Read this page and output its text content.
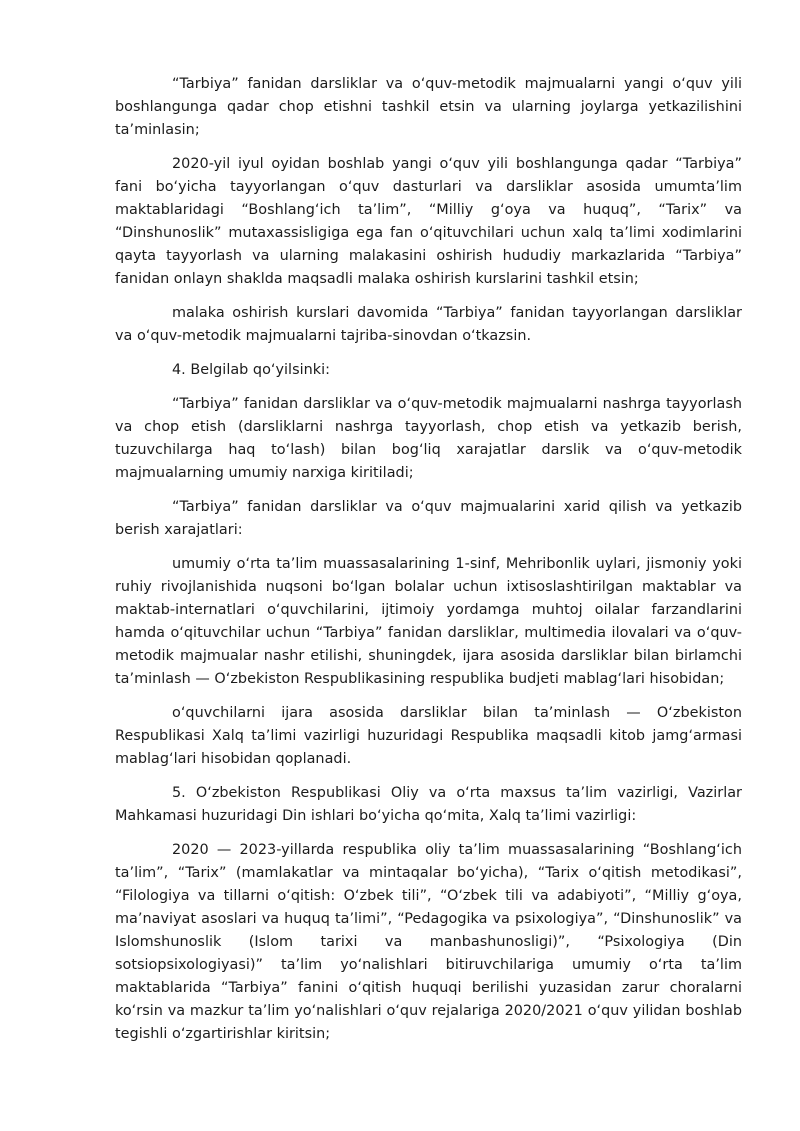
“Tarbiya” fanidan darsliklar va o‘quv-metodik majmualarni yangi o‘quv yili boshlangunga qadar chop etishni tashkil etsin va ularning joylarga yetkazilishini ta’minlasin;

2020-yil iyul oyidan boshlab yangi o‘quv yili boshlangunga qadar “Tarbiya” fani bo‘yicha tayyorlangan o‘quv dasturlari va darsliklar asosida umumta’lim maktablaridagi “Boshlang‘ich ta’lim”, “Milliy g‘oya va huquq”, “Tarix” va “Dinshunoslik” mutaxassisligiga ega fan o‘qituvchilari uchun xalq ta’limi xodimlarini qayta tayyorlash va ularning malakasini oshirish hududiy markazlarida “Tarbiya” fanidan onlayn shaklda maqsadli malaka oshirish kurslarini tashkil etsin;

malaka oshirish kurslari davomida “Tarbiya” fanidan tayyorlangan darsliklar va o‘quv-metodik majmualarni tajriba-sinovdan o‘tkazsin.

4. Belgilab qo‘yilsinki:

“Tarbiya” fanidan darsliklar va o‘quv-metodik majmualarni nashrga tayyorlash va chop etish (darsliklarni nashrga tayyorlash, chop etish va yetkazib berish, tuzuvchilarga haq to‘lash) bilan bog‘liq xarajatlar darslik va o‘quv-metodik majmualarning umumiy narxiga kiritiladi;

“Tarbiya” fanidan darsliklar va o‘quv majmualarini xarid qilish va yetkazib berish xarajatlari:

umumiy o‘rta ta’lim muassasalarining 1-sinf, Mehribonlik uylari, jismoniy yoki ruhiy rivojlanishida nuqsoni bo‘lgan bolalar uchun ixtisoslashtirilgan maktablar va maktab-internatlari o‘quvchilarini, ijtimoiy yordamga muhtoj oilalar farzandlarini hamda o‘qituvchilar uchun “Tarbiya” fanidan darsliklar, multimedia ilovalari va o‘quv-metodik majmualar nashr etilishi, shuningdek, ijara asosida darsliklar bilan birlamchi ta’minlash — O‘zbekiston Respublikasining respublika budjeti mablag‘lari hisobidan;

o‘quvchilarni ijara asosida darsliklar bilan ta’minlash — O‘zbekiston Respublikasi Xalq ta’limi vazirligi huzuridagi Respublika maqsadli kitob jamg‘armasi mablag‘lari hisobidan qoplanadi.

5. O‘zbekiston Respublikasi Oliy va o‘rta maxsus ta’lim vazirligi, Vazirlar Mahkamasi huzuridagi Din ishlari bo‘yicha qo‘mita, Xalq ta’limi vazirligi:

2020 — 2023-yillarda respublika oliy ta’lim muassasalarining “Boshlang‘ich ta’lim”, “Tarix” (mamlakatlar va mintaqalar bo‘yicha), “Tarix o‘qitish metodikasi”, “Filologiya va tillarni o‘qitish: O‘zbek tili”, “O‘zbek tili va adabiyoti”, “Milliy g‘oya, ma’naviyat asoslari va huquq ta’limi”, “Pedagogika va psixologiya”, “Dinshunoslik” va Islomshunoslik (Islom tarixi va manbashunosligi)”, “Psixologiya (Din sotsiopsixologiyasi)” ta’lim yo‘nalishlari bitiruvchilariga umumiy o‘rta ta’lim maktablarida “Tarbiya” fanini o‘qitish huquqi berilishi yuzasidan zarur choralarni ko‘rsin va mazkur ta’lim yo‘nalishlari o‘quv rejalariga 2020/2021 o‘quv yilidan boshlab tegishli o‘zgartirishlar kiritsin;
